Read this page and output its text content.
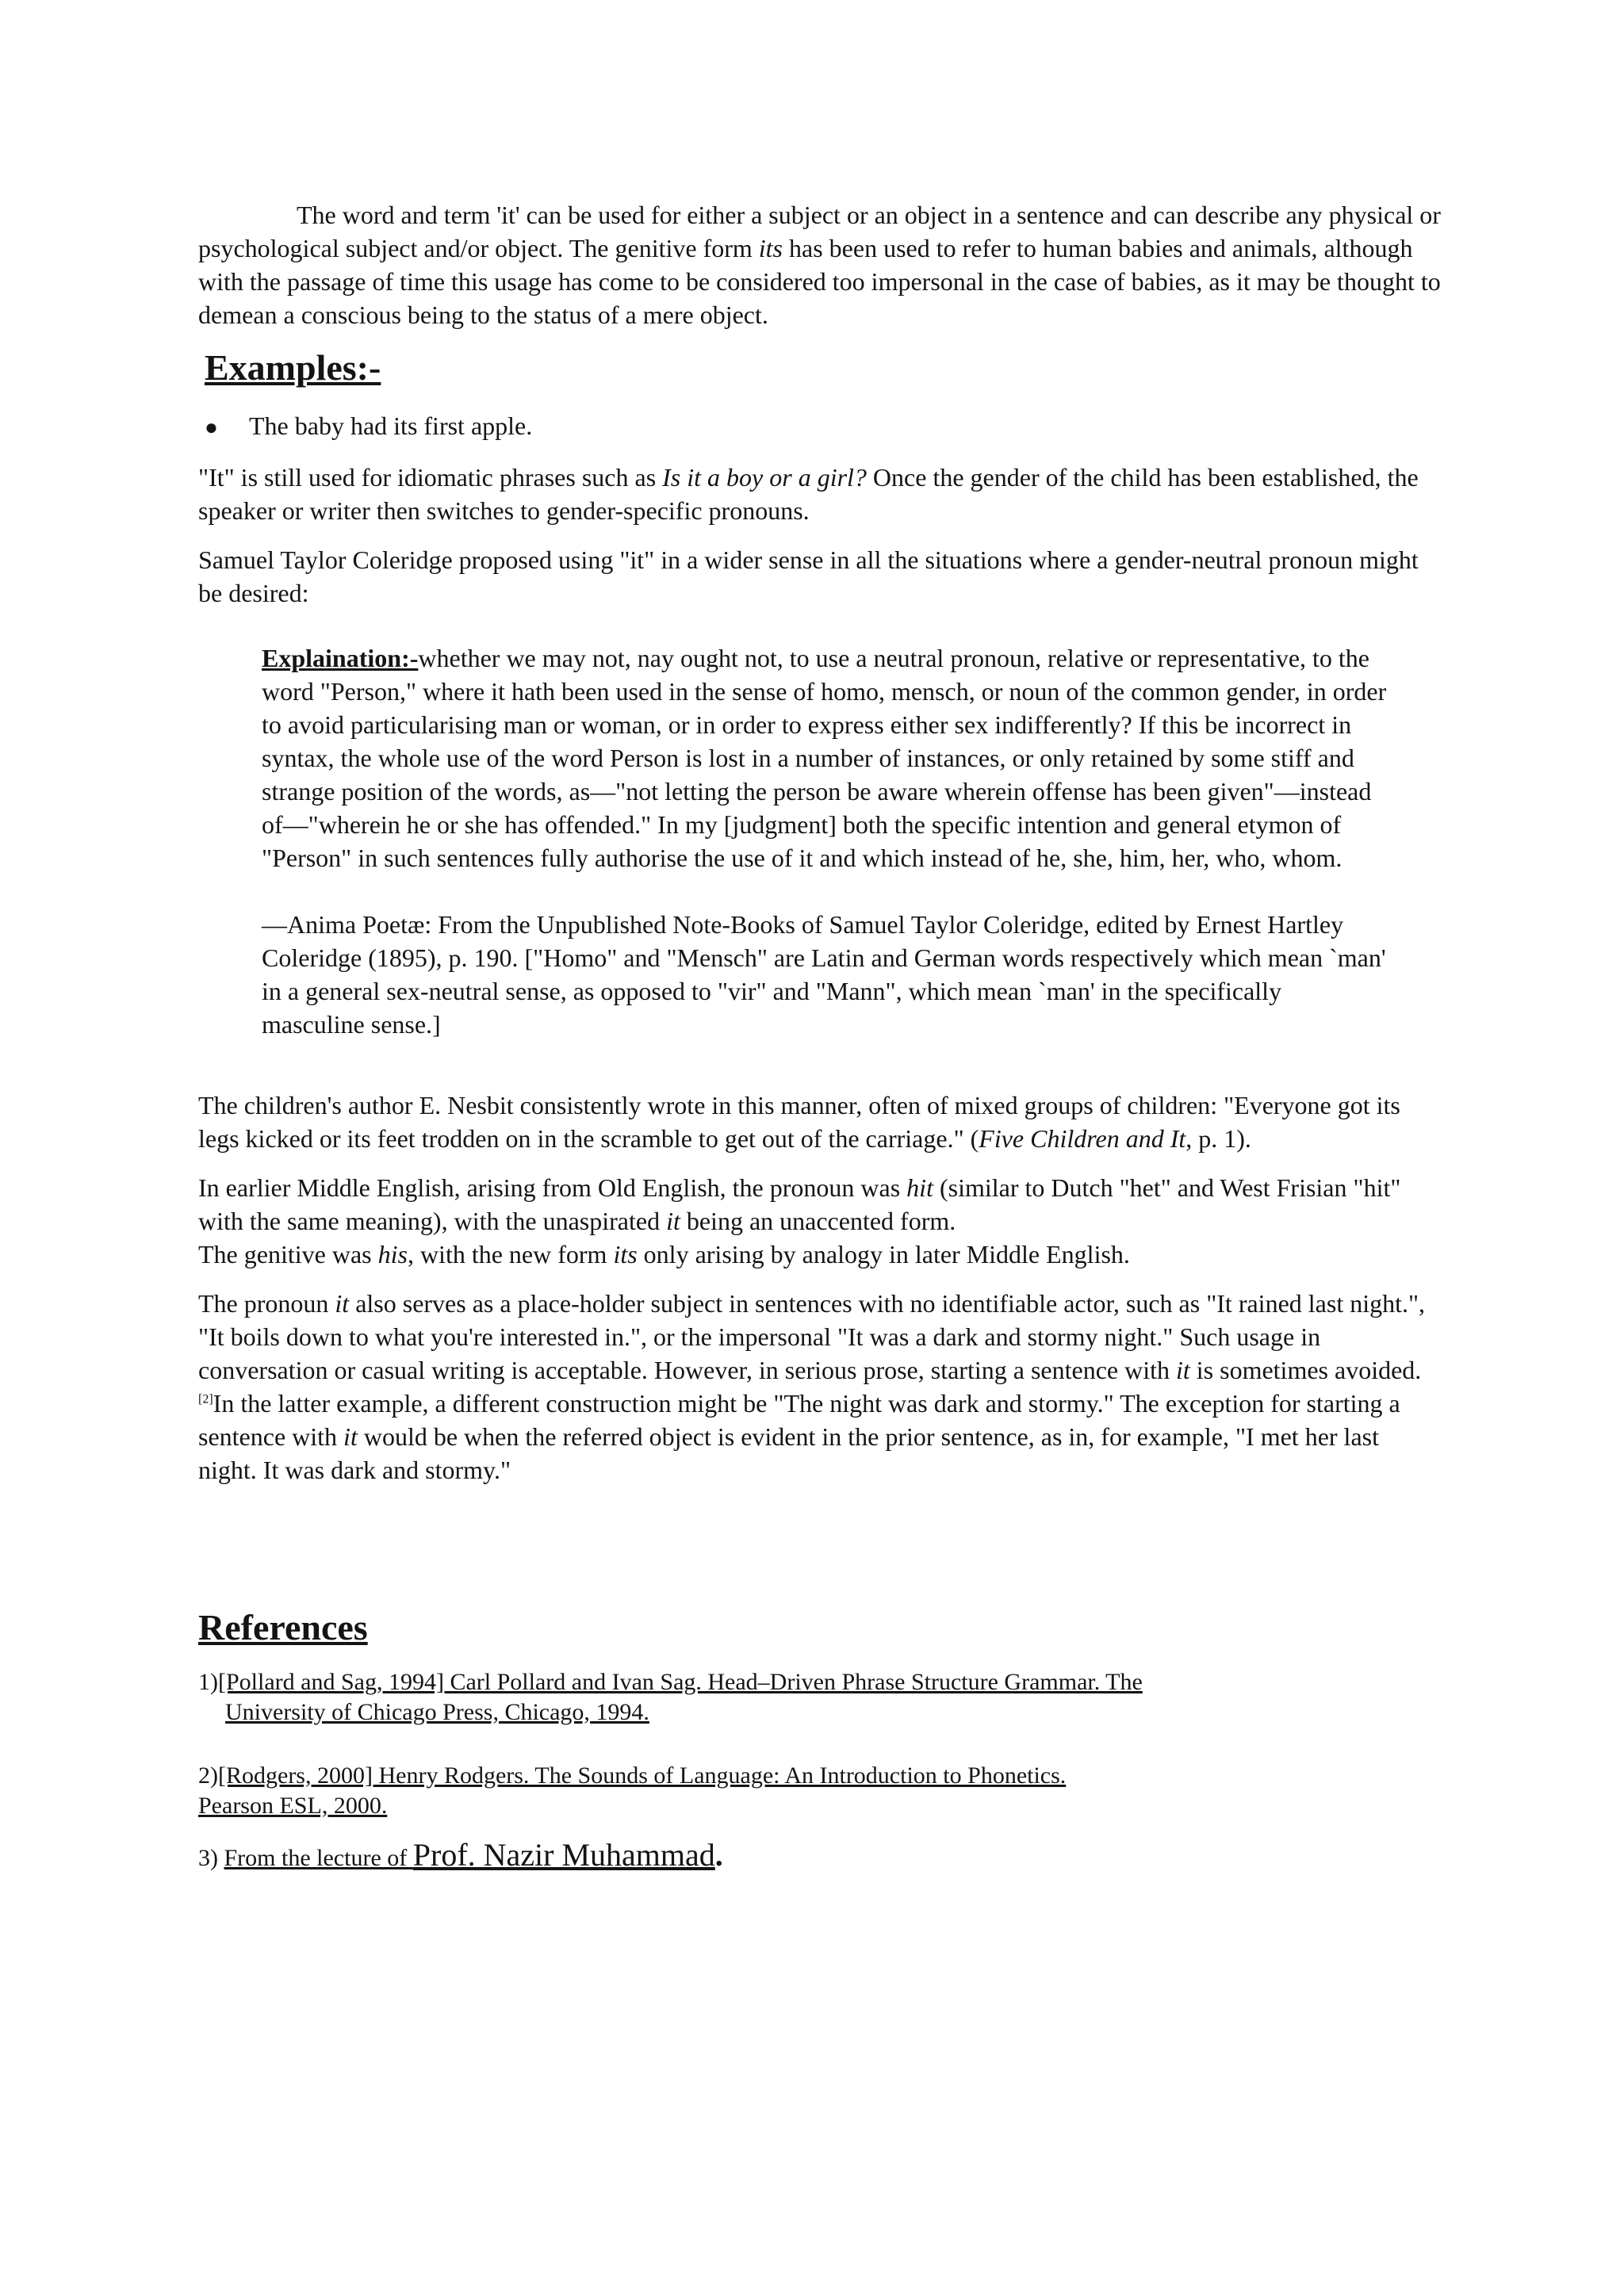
The word and term 'it' can be used for either a subject or an object in a sentence and can describe any physical or psychological subject and/or object. The genitive form its has been used to refer to human babies and animals, although with the passage of time this usage has come to be considered too impersonal in the case of babies, as it may be thought to demean a conscious being to the status of a mere object.

Examples:-
●	The baby had its first apple.

"It" is still used for idiomatic phrases such as Is it a boy or a girl? Once the gender of the child has been established, the speaker or writer then switches to gender-specific pronouns.

Samuel Taylor Coleridge proposed using "it" in a wider sense in all the situations where a gender-neutral pronoun might be desired:

Explaination:-whether we may not, nay ought not, to use a neutral pronoun, relative or representative, to the word "Person," where it hath been used in the sense of homo, mensch, or noun of the common gender, in order to avoid particularising man or woman, or in order to express either sex indifferently? If this be incorrect in syntax, the whole use of the word Person is lost in a number of instances, or only retained by some stiff and strange position of the words, as—"not letting the person be aware wherein offense has been given"—instead of—"wherein he or she has offended." In my [judgment] both the specific intention and general etymon of "Person" in such sentences fully authorise the use of it and which instead of he, she, him, her, who, whom.

—Anima Poetæ: From the Unpublished Note-Books of Samuel Taylor Coleridge, edited by Ernest Hartley Coleridge (1895), p. 190. ["Homo" and "Mensch" are Latin and German words respectively which mean `man' in a general sex-neutral sense, as opposed to "vir" and "Mann", which mean `man' in the specifically masculine sense.]

The children's author E. Nesbit consistently wrote in this manner, often of mixed groups of children: "Everyone got its legs kicked or its feet trodden on in the scramble to get out of the carriage." (Five Children and It, p. 1).

In earlier Middle English, arising from Old English, the pronoun was hit (similar to Dutch "het" and West Frisian "hit" with the same meaning), with the unaspirated it being an unaccented form.
The genitive was his, with the new form its only arising by analogy in later Middle English.

The pronoun it also serves as a place-holder subject in sentences with no identifiable actor, such as "It rained last night.", "It boils down to what you're interested in.", or the impersonal "It was a dark and stormy night." Such usage in conversation or casual writing is acceptable. However, in serious prose, starting a sentence with it is sometimes avoided.[2]In the latter example, a different construction might be "The night was dark and stormy." The exception for starting a sentence with it would be when the referred object is evident in the prior sentence, as in, for example, "I met her last night. It was dark and stormy."

References
1)[Pollard and Sag, 1994] Carl Pollard and Ivan Sag. Head–Driven Phrase Structure Grammar. The University of Chicago Press, Chicago, 1994.
2)[Rodgers, 2000] Henry Rodgers. The Sounds of Language: An Introduction to Phonetics. Pearson ESL, 2000.
3) From the lecture of Prof. Nazir Muhammad.
